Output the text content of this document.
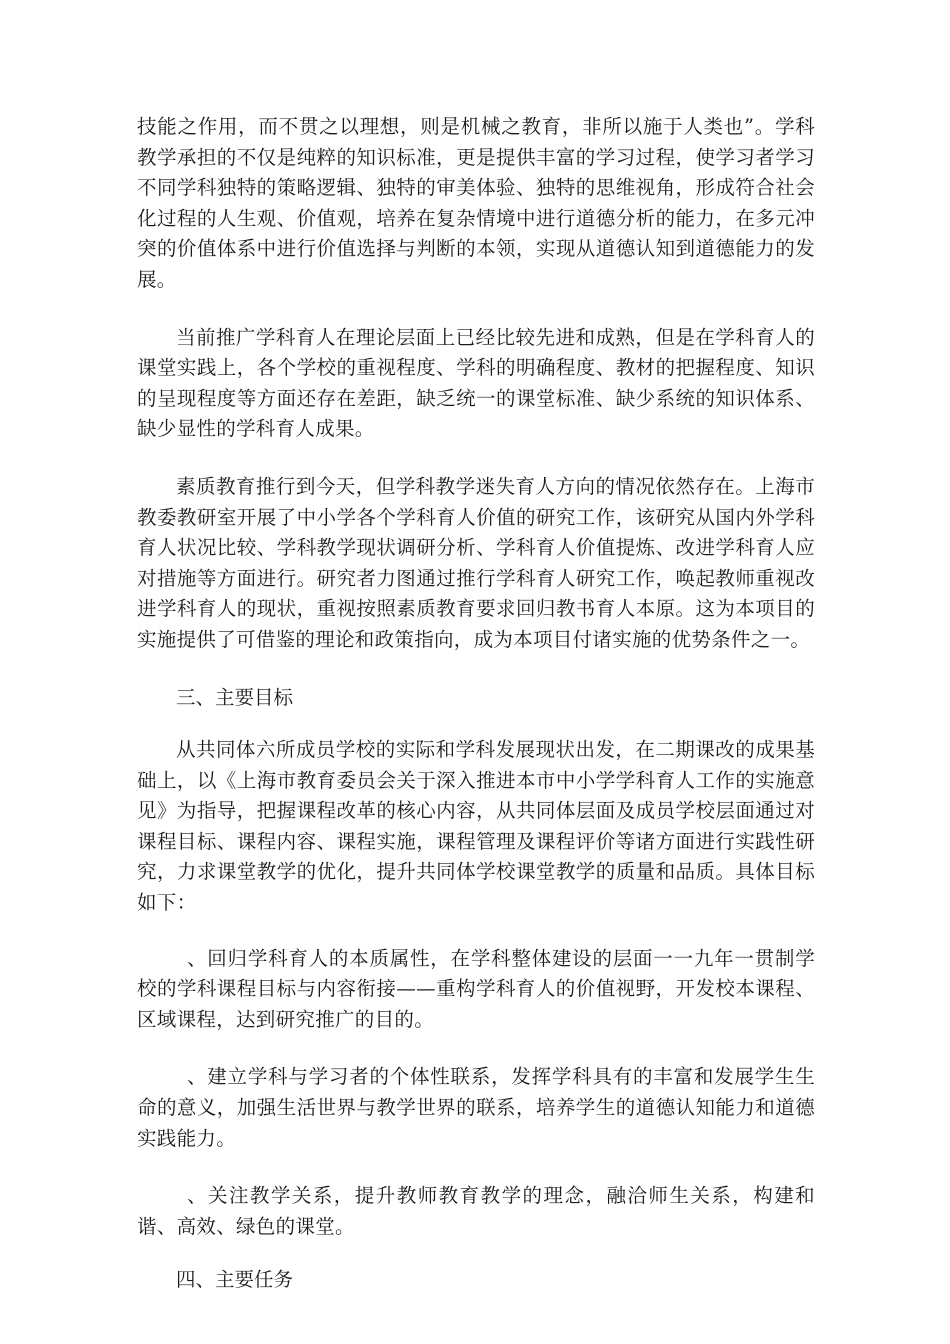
技能之作用，而不贯之以理想，则是机械之教育，非所以施于人类也”。学科教学承担的不仅是纯粹的知识标准，更是提供丰富的学习过程，使学习者学习不同学科独特的策略逻辑、独特的审美体验、独特的思维视角，形成符合社会化过程的人生观、价值观，培养在复杂情境中进行道德分析的能力，在多元冲突的价值体系中进行价值选择与判断的本领，实现从道德认知到道德能力的发展。

当前推广学科育人在理论层面上已经比较先进和成熟，但是在学科育人的课堂实践上，各个学校的重视程度、学科的明确程度、教材的把握程度、知识的呈现程度等方面还存在差距，缺乏统一的课堂标准、缺少系统的知识体系、缺少显性的学科育人成果。

素质教育推行到今天，但学科教学迷失育人方向的情况依然存在。上海市教委教研室开展了中小学各个学科育人价值的研究工作，该研究从国内外学科育人状况比较、学科教学现状调研分析、学科育人价值提炼、改进学科育人应对措施等方面进行。研究者力图通过推行学科育人研究工作，唤起教师重视改进学科育人的现状，重视按照素质教育要求回归教书育人本原。这为本项目的实施提供了可借鉴的理论和政策指向，成为本项目付诸实施的优势条件之一。

三、主要目标

从共同体六所成员学校的实际和学科发展现状出发，在二期课改的成果基础上，以《上海市教育委员会关于深入推进本市中小学学科育人工作的实施意见》为指导，把握课程改革的核心内容，从共同体层面及成员学校层面通过对课程目标、课程内容、课程实施，课程管理及课程评价等诸方面进行实践性研究，力求课堂教学的优化，提升共同体学校课堂教学的质量和品质。具体目标如下：

、回归学科育人的本质属性，在学科整体建设的层面一一九年一贯制学校的学科课程目标与内容衔接——重构学科育人的价值视野，开发校本课程、区域课程，达到研究推广的目的。

、建立学科与学习者的个体性联系，发挥学科具有的丰富和发展学生生命的意义，加强生活世界与教学世界的联系，培养学生的道德认知能力和道德实践能力。

、关注教学关系，提升教师教育教学的理念，融洽师生关系，构建和谐、高效、绿色的课堂。

四、主要任务
